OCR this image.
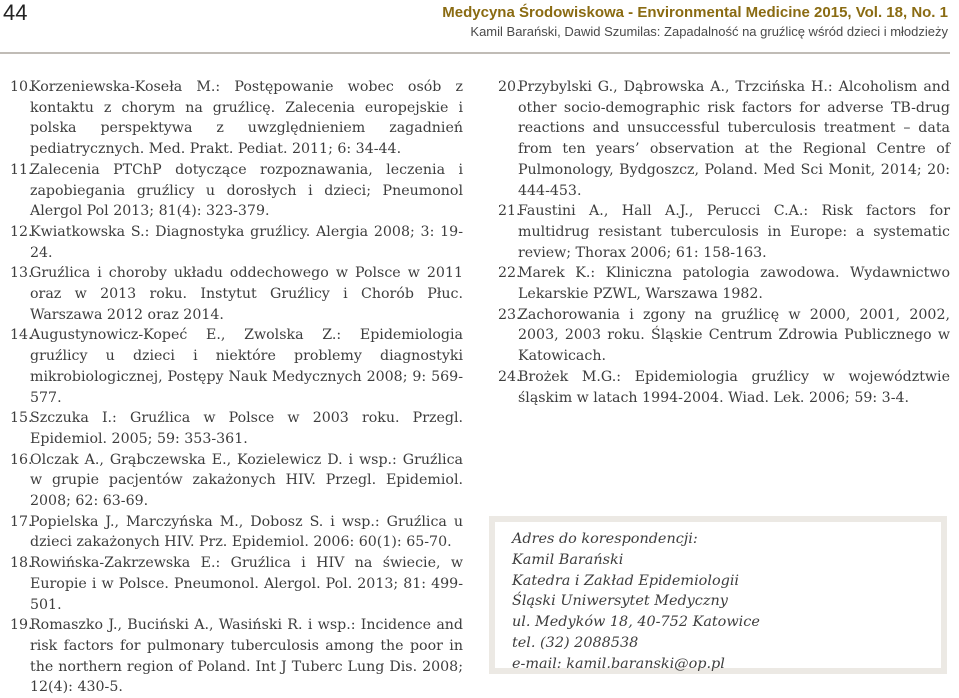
44	Medycyna Środowiskowa - Environmental Medicine 2015, Vol. 18, No. 1
Kamil Barański, Dawid Szumilas: Zapadalność na gruźlicę wśród dzieci i młodzieży
10.
Korzeniewska-Koseła M.: Postępowanie wobec osób z kontaktu z chorym na gruźlicę. Zalecenia europejskie i polska perspektywa z uwzględnieniem zagadnień pediatrycznych. Med. Prakt. Pediat. 2011; 6: 34-44.
11.
Zalecenia PTChP dotyczące rozpoznawania, leczenia i zapobiegania gruźlicy u dorosłych i dzieci; Pneumonol Alergol Pol 2013; 81(4): 323-379.
12.
Kwiatkowska S.: Diagnostyka gruźlicy. Alergia 2008; 3: 19-24.
13.
Gruźlica i choroby układu oddechowego w Polsce w 2011 oraz w 2013 roku. Instytut Gruźlicy i Chorób Płuc. Warszawa 2012 oraz 2014.
14.
Augustynowicz-Kopeć E., Zwolska Z.: Epidemiologia gruźlicy u dzieci i niektóre problemy diagnostyki mikrobiologicznej, Postępy Nauk Medycznych 2008; 9: 569-577.
15.
Szczuka I.: Gruźlica w Polsce w 2003 roku. Przegl. Epidemiol. 2005; 59: 353-361.
16.
Olczak A., Grąbczewska E., Kozielewicz D. i wsp.: Gruźlica w grupie pacjentów zakażonych HIV. Przegl. Epidemiol. 2008; 62: 63-69.
17.
Popielska J., Marczyńska M., Dobosz S. i wsp.: Gruźlica u dzieci zakażonych HIV. Prz. Epidemiol. 2006: 60(1): 65-70.
18.
Rowińska-Zakrzewska E.: Gruźlica i HIV na świecie, w Europie i w Polsce. Pneumonol. Alergol. Pol. 2013; 81: 499-501.
19.
Romaszko J., Buciński A., Wasiński R. i wsp.: Incidence and risk factors for pulmonary tuberculosis among the poor in the northern region of Poland. Int J Tuberc Lung Dis. 2008; 12(4): 430-5.
20.
Przybylski G., Dąbrowska A., Trzcińska H.: Alcoholism and other socio-demographic risk factors for adverse TB-drug reactions and unsuccessful tuberculosis treatment – data from ten years’ observation at the Regional Centre of Pulmonology, Bydgoszcz, Poland. Med Sci Monit, 2014; 20: 444-453.
21.
Faustini A., Hall A.J., Perucci C.A.: Risk factors for multidrug resistant tuberculosis in Europe: a systematic review; Thorax 2006; 61: 158-163.
22.
Marek K.: Kliniczna patologia zawodowa. Wydawnictwo Lekarskie PZWL, Warszawa 1982.
23.
Zachorowania i zgony na gruźlicę w 2000, 2001, 2002, 2003, 2003 roku. Śląskie Centrum Zdrowia Publicznego w Katowicach.
24.
Brożek M.G.: Epidemiologia gruźlicy w województwie śląskim w latach 1994-2004. Wiad. Lek. 2006; 59: 3-4.
Adres do korespondencji:
Kamil Barański
Katedra i Zakład Epidemiologii
Śląski Uniwersytet Medyczny
ul. Medyków 18, 40-752 Katowice
tel. (32) 2088538
e-mail: kamil.baranski@op.pl
